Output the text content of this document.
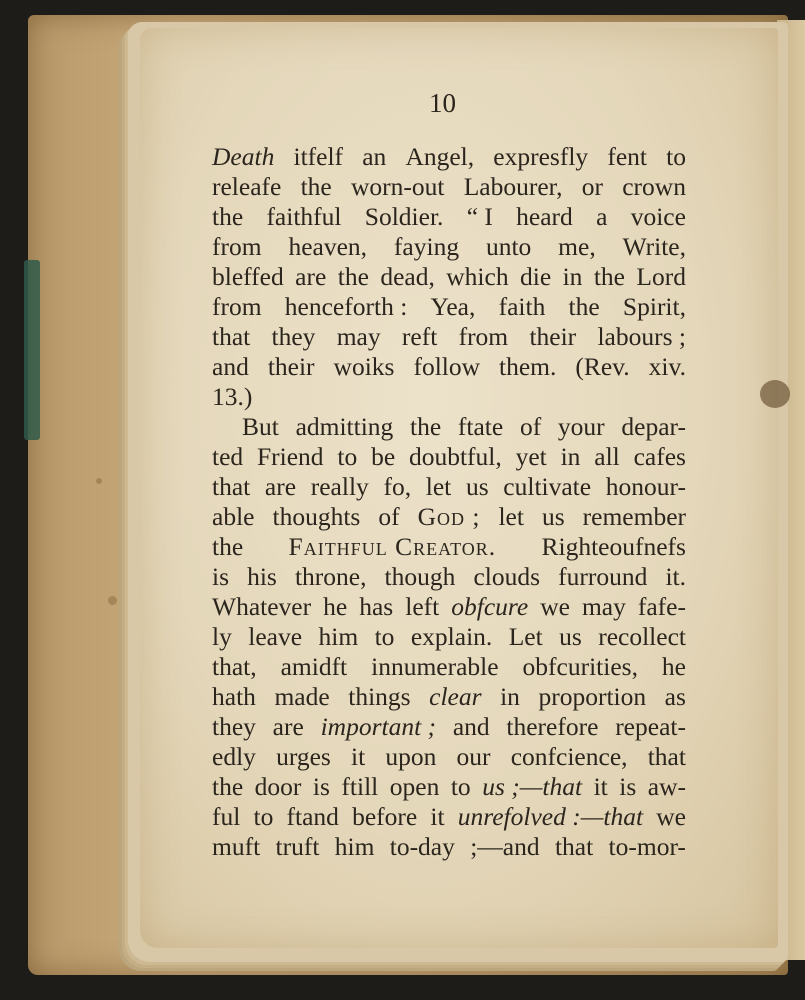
10
Death itfelf an Angel, expresfly fent to
releafe the worn-out Labourer, or crown
the faithful Soldier. “ I heard a voice
from heaven, faying unto me, Write,
bleffed are the dead, which die in the Lord
from henceforth : Yea, faith the Spirit,
that they may reft from their labours ;
and their woiks follow them. (Rev. xiv.
13.)
But admitting the ftate of your depar-
ted Friend to be doubtful, yet in all cafes
that are really fo, let us cultivate honour-
able thoughts of God ; let us remember
the Faithful Creator. Righteoufnefs
is his throne, though clouds furround it.
Whatever he has left obfcure we may fafe-
ly leave him to explain. Let us recollect
that, amidft innumerable obfcurities, he
hath made things clear in proportion as
they are important ; and therefore repeat-
edly urges it upon our confcience, that
the door is ftill open to us ;—that it is aw-
ful to ftand before it unrefolved :—that we
muft truft him to-day ;—and that to-mor-
